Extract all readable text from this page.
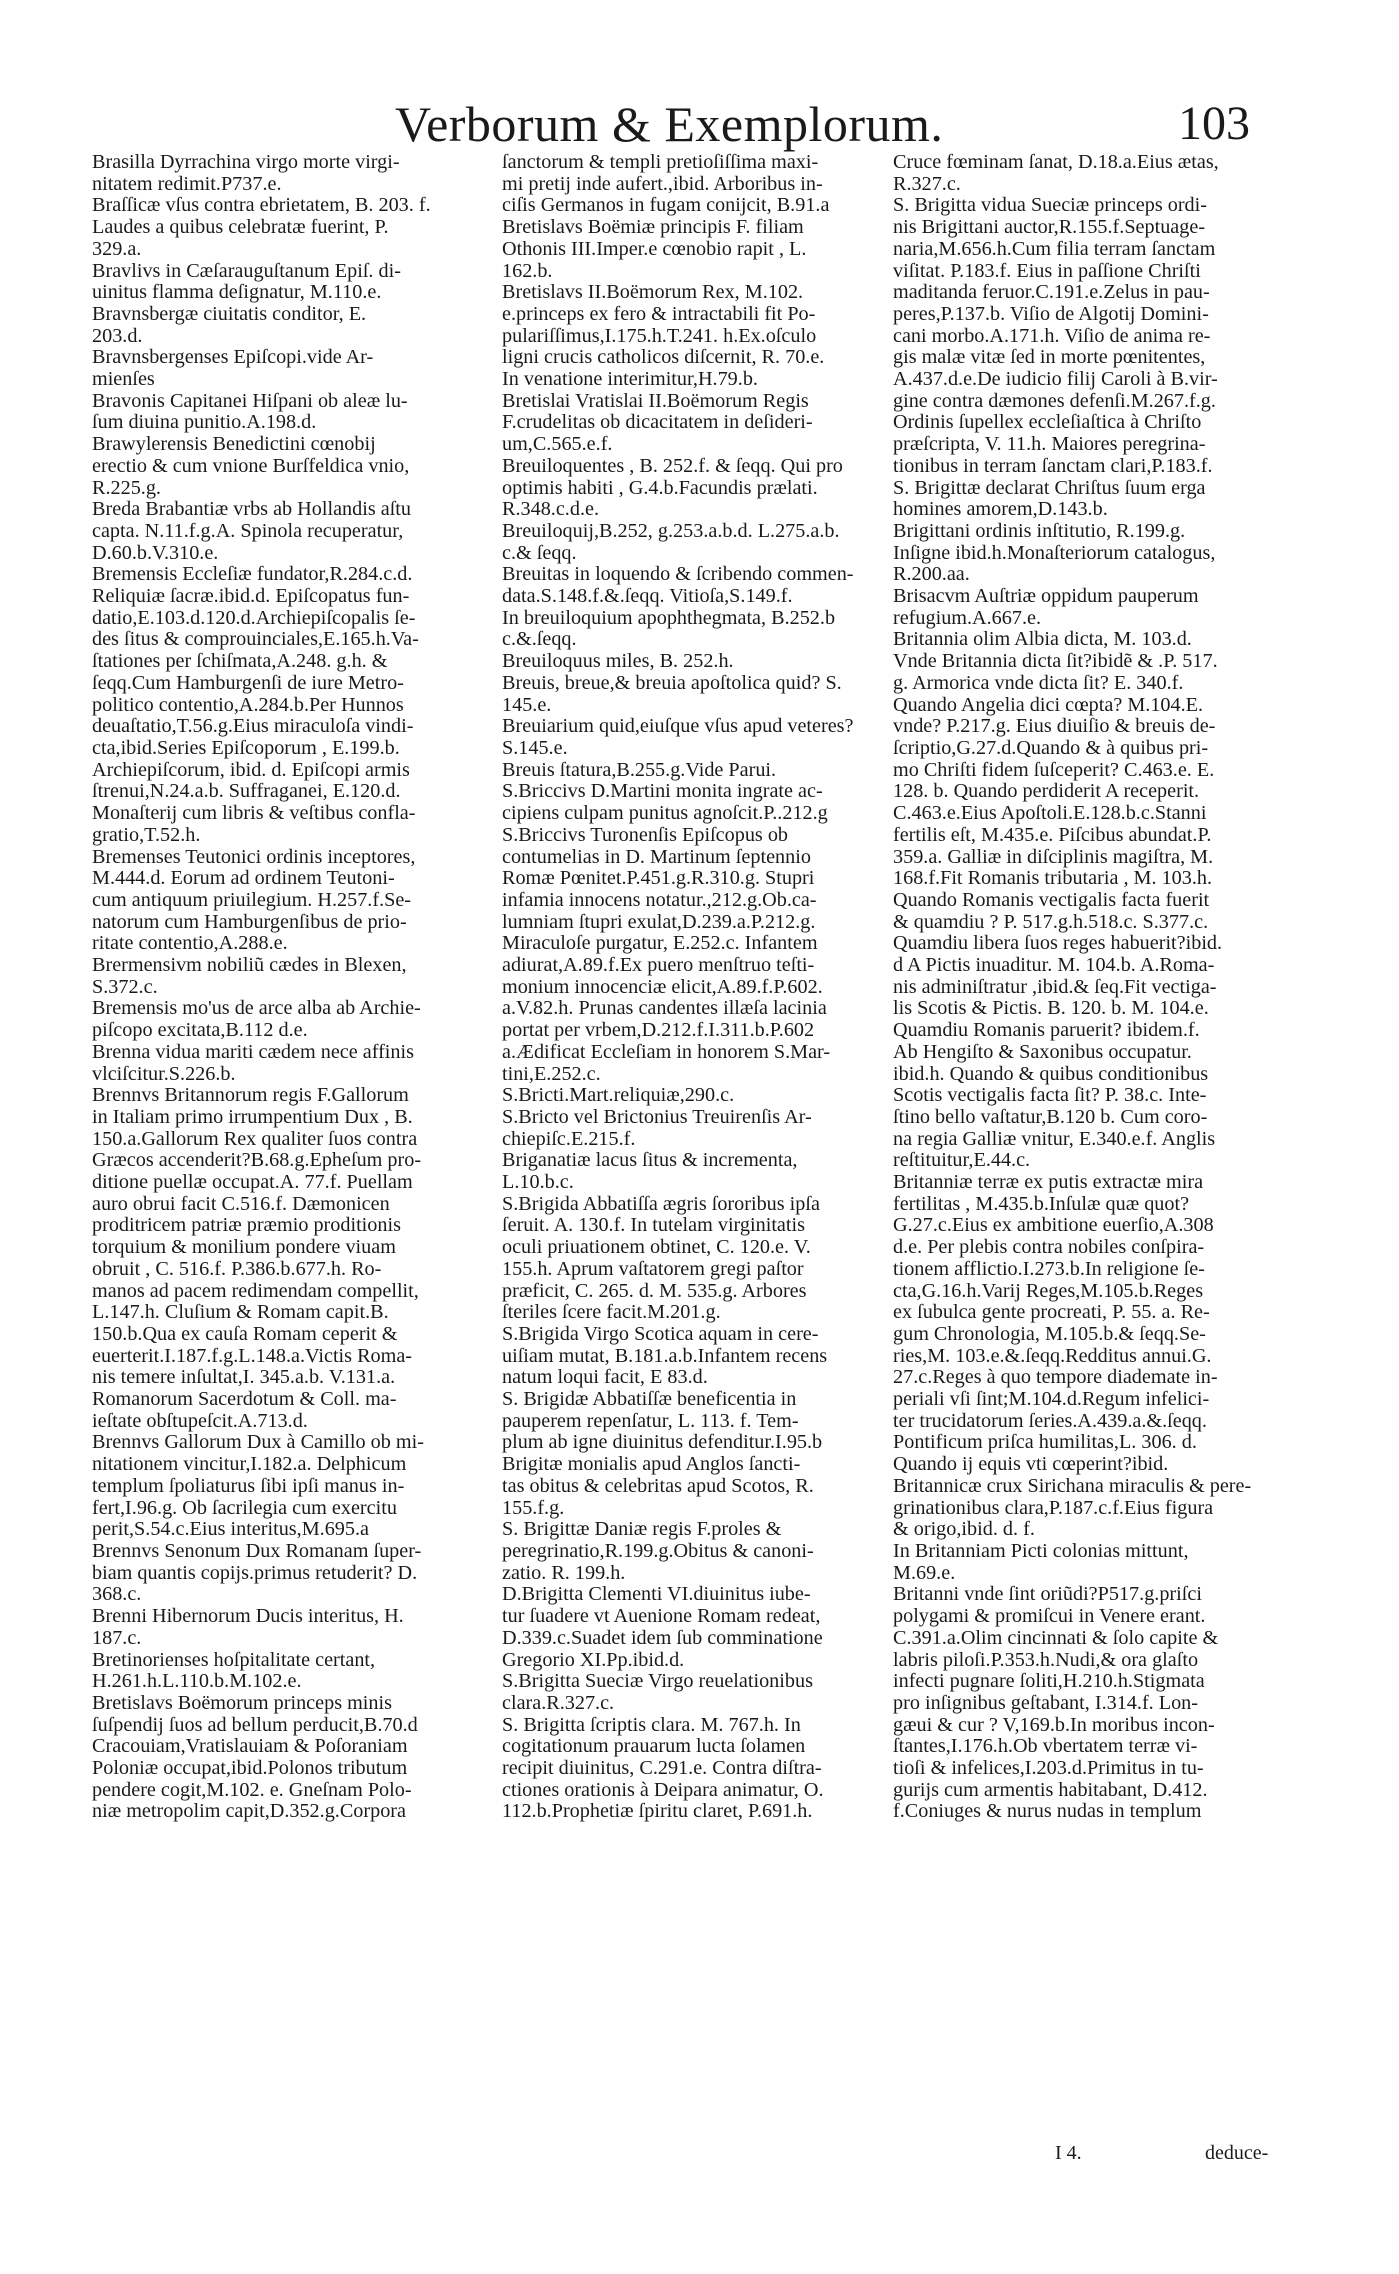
Verborum & Exemplorum.	103
Brasilla Dyrrachina virgo morte virgi-
nitatem redimit.P737.e.
Braſſicæ vſus contra ebrietatem, B. 203. f.
Laudes a quibus celebratæ fuerint, P.
329.a.
Bravlivs in Cæſarauguſtanum Epiſ. di-
uinitus flamma deſignatur, M.110.e.
Bravnsbergæ ciuitatis conditor, E.
203.d.
Bravnsbergenses Epiſcopi.vide Ar-
mienſes
Bravonis Capitanei Hiſpani ob aleæ lu-
ſum diuina punitio.A.198.d.
Brawylerensis Benedictini cœnobij
erectio & cum vnione Burſfeldica vnio,
R.225.g.
Breda Brabantiæ vrbs ab Hollandis aſtu
capta. N.11.f.g.A. Spinola recuperatur,
D.60.b.V.310.e.
Bremensis Eccleſiæ fundator,R.284.c.d.
Reliquiæ ſacræ.ibid.d. Epiſcopatus fun-
datio,E.103.d.120.d.Archiepiſcopalis ſe-
des ſitus & comprouinciales,E.165.h.Va-
ſtationes per ſchiſmata,A.248. g.h. &
ſeqq.Cum Hamburgenſi de iure Metro-
politico contentio,A.284.b.Per Hunnos
deuaſtatio,T.56.g.Eius miraculoſa vindi-
cta,ibid.Series Epiſcoporum , E.199.b.
Archiepiſcorum, ibid. d. Epiſcopi armis
ſtrenui,N.24.a.b. Suffraganei, E.120.d.
Monaſterij cum libris & veſtibus confla-
gratio,T.52.h.
Bremenses Teutonici ordinis inceptores,
M.444.d. Eorum ad ordinem Teutoni-
cum antiquum priuilegium. H.257.f.Se-
natorum cum Hamburgenſibus de prio-
ritate contentio,A.288.e.
Brermensivm nobiliũ cædes in Blexen,
S.372.c.
Bremensis mo'us de arce alba ab Archie-
piſcopo excitata,B.112 d.e.
Brenna vidua mariti cædem nece affinis
vlciſcitur.S.226.b.
Brennvs Britannorum regis F.Gallorum
in Italiam primo irrumpentium Dux , B.
150.a.Gallorum Rex qualiter ſuos contra
Græcos accenderit?B.68.g.Epheſum pro-
ditione puellæ occupat.A. 77.f. Puellam
auro obrui facit C.516.f. Dæmonicen
proditricem patriæ præmio proditionis
torquium & monilium pondere viuam
obruit , C. 516.f. P.386.b.677.h. Ro-
manos ad pacem redimendam compellit,
L.147.h. Cluſium & Romam capit.B.
150.b.Qua ex cauſa Romam ceperit &
euerterit.I.187.f.g.L.148.a.Victis Roma-
nis temere inſultat,I. 345.a.b. V.131.a.
Romanorum Sacerdotum & Coll. ma-
ieſtate obſtupeſcit.A.713.d.
Brennvs Gallorum Dux à Camillo ob mi-
nitationem vincitur,I.182.a. Delphicum
templum ſpoliaturus ſibi ipſi manus in-
fert,I.96.g. Ob ſacrilegia cum exercitu
perit,S.54.c.Eius interitus,M.695.a
Brennvs Senonum Dux Romanam ſuper-
biam quantis copijs.primus retuderit? D.
368.c.
Brenni Hibernorum Ducis interitus, H.
187.c.
Bretinorienses hoſpitalitate certant,
H.261.h.L.110.b.M.102.e.
Bretislavs Boëmorum princeps minis
ſuſpendij ſuos ad bellum perducit,B.70.d
Cracouiam,Vratislauiam & Poſoraniam
Poloniæ occupat,ibid.Polonos tributum
pendere cogit,M.102. e. Gneſnam Polo-
niæ metropolim capit,D.352.g.Corpora
ſanctorum & templi pretioſiſſima maxi-
mi pretij inde aufert.,ibid. Arboribus in-
ciſis Germanos in fugam conijcit, B.91.a
Bretislavs Boëmiæ principis F. filiam
Othonis III.Imper.e cœnobio rapit , L.
162.b.
Bretislavs II.Boëmorum Rex, M.102.
e.princeps ex fero & intractabili fit Po-
pulariſſimus,I.175.h.T.241. h.Ex.oſculo
ligni crucis catholicos diſcernit, R. 70.e.
In venatione interimitur,H.79.b.
Bretislai Vratislai II.Boëmorum Regis
F.crudelitas ob dicacitatem in deſideri-
um,C.565.e.f.
Breuiloquentes , B. 252.f. & ſeqq. Qui pro
optimis habiti , G.4.b.Facundis prælati.
R.348.c.d.e.
Breuiloquij,B.252, g.253.a.b.d. L.275.a.b.
c.& ſeqq.
Breuitas in loquendo & ſcribendo commen-
data.S.148.f.&.ſeqq. Vitioſa,S.149.f.
In breuiloquium apophthegmata, B.252.b
c.&.ſeqq.
Breuiloquus miles, B. 252.h.
Breuis, breue,& breuia apoſtolica quid? S.
145.e.
Breuiarium quid,eiuſque vſus apud veteres?
S.145.e.
Breuis ſtatura,B.255.g.Vide Parui.
S.Briccivs D.Martini monita ingrate ac-
cipiens culpam punitus agnoſcit.P..212.g
S.Briccivs Turonenſis Epiſcopus ob
contumelias in D. Martinum ſeptennio
Romæ Pœnitet.P.451.g.R.310.g. Stupri
infamia innocens notatur.,212.g.Ob.ca-
lumniam ſtupri exulat,D.239.a.P.212.g.
Miraculoſe purgatur, E.252.c. Infantem
adiurat,A.89.f.Ex puero menſtruo teſti-
monium innocenciæ elicit,A.89.f.P.602.
a.V.82.h. Prunas candentes illæſa lacinia
portat per vrbem,D.212.f.I.311.b.P.602
a.Ædificat Eccleſiam in honorem S.Mar-
tini,E.252.c.
S.Bricti.Mart.reliquiæ,290.c.
S.Bricto vel Brictonius Treuirenſis Ar-
chiepiſc.E.215.f.
Briganatiæ lacus ſitus & incrementa,
L.10.b.c.
S.Brigida Abbatiſſa ægris ſororibus ipſa
ſeruit. A. 130.f. In tutelam virginitatis
oculi priuationem obtinet, C. 120.e. V.
155.h. Aprum vaſtatorem gregi paſtor
præficit, C. 265. d. M. 535.g. Arbores
ſteriles ſcere facit.M.201.g.
S.Brigida Virgo Scotica aquam in cere-
uiſiam mutat, B.181.a.b.Infantem recens
natum loqui facit, E 83.d.
S. Brigidæ Abbatiſſæ beneficentia in
pauperem repenſatur, L. 113. f. Tem-
plum ab igne diuinitus defenditur.I.95.b
Brigitæ monialis apud Anglos ſancti-
tas obitus & celebritas apud Scotos, R.
155.f.g.
S. Brigittæ Daniæ regis F.proles &
peregrinatio,R.199.g.Obitus & canoni-
zatio. R. 199.h.
D.Brigitta Clementi VI.diuinitus iube-
tur ſuadere vt Auenione Romam redeat,
D.339.c.Suadet idem ſub comminatione
Gregorio XI.Pp.ibid.d.
S.Brigitta Sueciæ Virgo reuelationibus
clara.R.327.c.
S. Brigitta ſcriptis clara. M. 767.h. In
cogitationum prauarum lucta ſolamen
recipit diuinitus, C.291.e. Contra diſtra-
ctiones orationis à Deipara animatur, O.
112.b.Prophetiæ ſpiritu claret, P.691.h.
Cruce fœminam ſanat, D.18.a.Eius ætas,
R.327.c.
S. Brigitta vidua Sueciæ princeps ordi-
nis Brigittani auctor,R.155.f.Septuage-
naria,M.656.h.Cum filia terram ſanctam
viſitat. P.183.f. Eius in paſſione Chriſti
maditanda feruor.C.191.e.Zelus in pau-
peres,P.137.b. Viſio de Algotij Domini-
cani morbo.A.171.h. Viſio de anima re-
gis malæ vitæ ſed in morte pœnitentes,
A.437.d.e.De iudicio filij Caroli à B.vir-
gine contra dæmones defenſi.M.267.f.g.
Ordinis ſupellex eccleſiaſtica à Chriſto
præſcripta, V. 11.h. Maiores peregrina-
tionibus in terram ſanctam clari,P.183.f.
S. Brigittæ declarat Chriſtus ſuum erga
homines amorem,D.143.b.
Brigittani ordinis inſtitutio, R.199.g.
Inſigne ibid.h.Monaſteriorum catalogus,
R.200.aa.
Brisacvm Auſtriæ oppidum pauperum
refugium.A.667.e.
Britannia olim Albia dicta, M. 103.d.
Vnde Britannia dicta ſit?ibidẽ & .P. 517.
g. Armorica vnde dicta ſit? E. 340.f.
Quando Angelia dici cœpta? M.104.E.
vnde? P.217.g. Eius diuiſio & breuis de-
ſcriptio,G.27.d.Quando & à quibus pri-
mo Chriſti fidem ſuſceperit? C.463.e. E.
128. b. Quando perdiderit A receperit.
C.463.e.Eius Apoſtoli.E.128.b.c.Stanni
fertilis eſt, M.435.e. Piſcibus abundat.P.
359.a. Galliæ in diſciplinis magiſtra, M.
168.f.Fit Romanis tributaria , M. 103.h.
Quando Romanis vectigalis facta fuerit
& quamdiu ? P. 517.g.h.518.c. S.377.c.
Quamdiu libera ſuos reges habuerit?ibid.
d A Pictis inuaditur. M. 104.b. A.Roma-
nis adminiſtratur ,ibid.& ſeq.Fit vectiga-
lis Scotis & Pictis. B. 120. b. M. 104.e.
Quamdiu Romanis paruerit? ibidem.f.
Ab Hengiſto & Saxonibus occupatur.
ibid.h. Quando & quibus conditionibus
Scotis vectigalis facta ſit? P. 38.c. Inte-
ſtino bello vaſtatur,B.120 b. Cum coro-
na regia Galliæ vnitur, E.340.e.f. Anglis
reſtituitur,E.44.c.
Britanniæ terræ ex putis extractæ mira
fertilitas , M.435.b.Inſulæ quæ quot?
G.27.c.Eius ex ambitione euerſio,A.308
d.e. Per plebis contra nobiles conſpira-
tionem afflictio.I.273.b.In religione ſe-
cta,G.16.h.Varij Reges,M.105.b.Reges
ex ſubulca gente procreati, P. 55. a. Re-
gum Chronologia, M.105.b.& ſeqq.Se-
ries,M. 103.e.&.ſeqq.Redditus annui.G.
27.c.Reges à quo tempore diademate in-
periali vſi ſint;M.104.d.Regum infelici-
ter trucidatorum ſeries.A.439.a.&.ſeqq.
Pontificum priſca humilitas,L. 306. d.
Quando ij equis vti cœperint?ibid.
Britannicæ crux Sirichana miraculis & pere-
grinationibus clara,P.187.c.f.Eius figura
& origo,ibid. d. f.
In Britanniam Picti colonias mittunt,
M.69.e.
Britanni vnde ſint oriũdi?P517.g.priſci
polygami & promiſcui in Venere erant.
C.391.a.Olim cincinnati & ſolo capite &
labris piloſi.P.353.h.Nudi,& ora glaſto
infecti pugnare ſoliti,H.210.h.Stigmata
pro inſignibus geſtabant, I.314.f. Lon-
gæui & cur ? V,169.b.In moribus incon-
ſtantes,I.176.h.Ob vbertatem terræ vi-
tioſi & infelices,I.203.d.Primitus in tu-
gurijs cum armentis habitabant, D.412.
f.Coniuges & nurus nudas in templum
I 4.	deduce-
